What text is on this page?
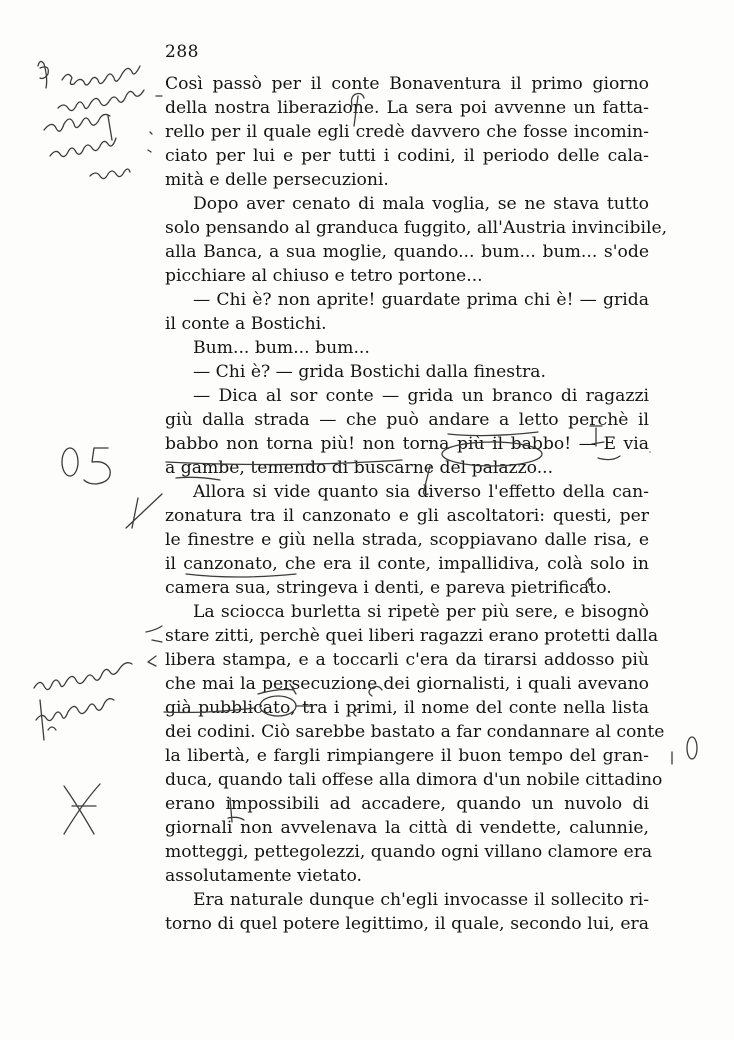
288
Così passò per il conte Bonaventura il primo giorno
della nostra liberazione. La sera poi avvenne un fatta-
rello per il quale egli credè davvero che fosse incomin-
ciato per lui e per tutti i codini, il periodo delle cala-
mità e delle persecuzioni.
Dopo aver cenato di mala voglia, se ne stava tutto
solo pensando al granduca fuggito, all'Austria invincibile,
alla Banca, a sua moglie, quando... bum... bum... s'ode
picchiare al chiuso e tetro portone...
— Chi è? non aprite! guardate prima chi è! — grida
il conte a Bostichi.
Bum... bum... bum...
— Chi è? — grida Bostichi dalla finestra.
— Dica al sor conte — grida un branco di ragazzi
giù dalla strada — che può andare a letto perchè il
babbo non torna più! non torna più il babbo! — E via
a gambe, temendo di buscarne del palazzo...
Allora si vide quanto sia diverso l'effetto della can-
zonatura tra il canzonato e gli ascoltatori: questi, per
le finestre e giù nella strada, scoppiavano dalle risa, e
il canzonato, che era il conte, impallidiva, colà solo in
camera sua, stringeva i denti, e pareva pietrificato.
La sciocca burletta si ripetè per più sere, e bisognò
stare zitti, perchè quei liberi ragazzi erano protetti dalla
libera stampa, e a toccarli c'era da tirarsi addosso più
che mai la persecuzione dei giornalisti, i quali avevano
già pubblicato, tra i primi, il nome del conte nella lista
dei codini. Ciò sarebbe bastato a far condannare al conte
la libertà, e fargli rimpiangere il buon tempo del gran-
duca, quando tali offese alla dimora d'un nobile cittadino
erano impossibili ad accadere, quando un nuvolo di
giornali non avvelenava la città di vendette, calunnie,
motteggi, pettegolezzi, quando ogni villano clamore era
assolutamente vietato.
Era naturale dunque ch'egli invocasse il sollecito ri-
torno di quel potere legittimo, il quale, secondo lui, era
